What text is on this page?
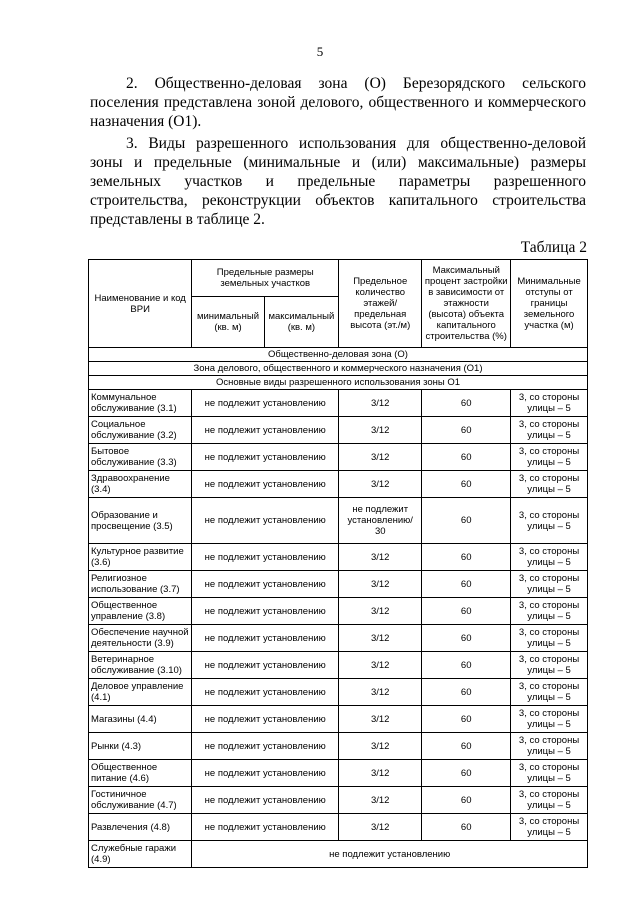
5
2. Общественно-деловая зона (О) Березорядского сельского поселения представлена зоной делового, общественного и коммерческого назначения (О1).
3. Виды разрешенного использования для общественно-деловой зоны и предельные (минимальные и (или) максимальные) размеры земельных участков и предельные параметры разрешенного строительства, реконструкции объектов капитального строительства представлены в таблице 2.
Таблица 2
Наименование и код ВРИ	Предельные размеры земельных участков		Предельное количество этажей/ предельная высота (эт./м)	Максимальный процент застройки в зависимости от этажности (высота) объекта капитального строительства (%)	Минимальные отступы от границы земельного участка (м)
	минимальный (кв. м)	максимальный (кв. м)			
Общественно-деловая зона (О)					
Зона делового, общественного и коммерческого назначения (О1)					
Основные виды разрешенного использования зоны О1					
Коммунальное обслуживание (3.1)	не подлежит установлению		3/12	60	3, со стороны улицы – 5
Социальное обслуживание (3.2)	не подлежит установлению		3/12	60	3, со стороны улицы – 5
Бытовое обслуживание (3.3)	не подлежит установлению		3/12	60	3, со стороны улицы – 5
Здравоохранение (3.4)	не подлежит установлению		3/12	60	3, со стороны улицы – 5
Образование и просвещение (3.5)	не подлежит установлению		не подлежит установлению/ 30	60	3, со стороны улицы – 5
Культурное развитие (3.6)	не подлежит установлению		3/12	60	3, со стороны улицы – 5
Религиозное использование (3.7)	не подлежит установлению		3/12	60	3, со стороны улицы – 5
Общественное управление (3.8)	не подлежит установлению		3/12	60	3, со стороны улицы – 5
Обеспечение научной деятельности (3.9)	не подлежит установлению		3/12	60	3, со стороны улицы – 5
Ветеринарное обслуживание (3.10)	не подлежит установлению		3/12	60	3, со стороны улицы – 5
Деловое управление (4.1)	не подлежит установлению		3/12	60	3, со стороны улицы – 5
Магазины (4.4)	не подлежит установлению		3/12	60	3, со стороны улицы – 5
Рынки (4.3)	не подлежит установлению		3/12	60	3, со стороны улицы – 5
Общественное питание (4.6)	не подлежит установлению		3/12	60	3, со стороны улицы – 5
Гостиничное обслуживание (4.7)	не подлежит установлению		3/12	60	3, со стороны улицы – 5
Развлечения (4.8)	не подлежит установлению		3/12	60	3, со стороны улицы – 5
Служебные гаражи (4.9)	не подлежит установлению				
